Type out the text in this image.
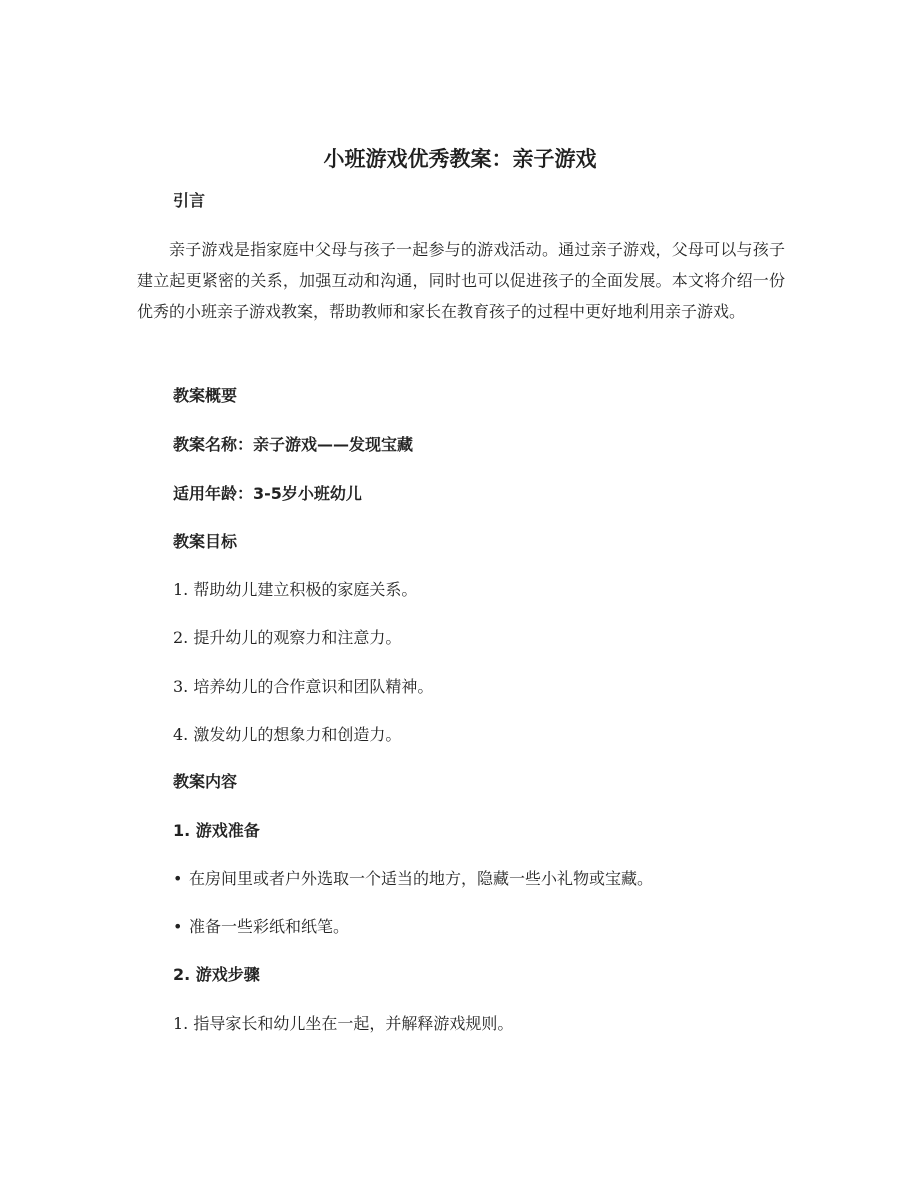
小班游戏优秀教案：亲子游戏
引言
亲子游戏是指家庭中父母与孩子一起参与的游戏活动。通过亲子游戏，父母可以与孩子建立起更紧密的关系，加强互动和沟通，同时也可以促进孩子的全面发展。本文将介绍一份优秀的小班亲子游戏教案，帮助教师和家长在教育孩子的过程中更好地利用亲子游戏。
教案概要
教案名称：亲子游戏——发现宝藏
适用年龄：3-5岁小班幼儿
教案目标
1. 帮助幼儿建立积极的家庭关系。
2. 提升幼儿的观察力和注意力。
3. 培养幼儿的合作意识和团队精神。
4. 激发幼儿的想象力和创造力。
教案内容
1. 游戏准备
• 在房间里或者户外选取一个适当的地方，隐藏一些小礼物或宝藏。
• 准备一些彩纸和纸笔。
2. 游戏步骤
1. 指导家长和幼儿坐在一起，并解释游戏规则。
